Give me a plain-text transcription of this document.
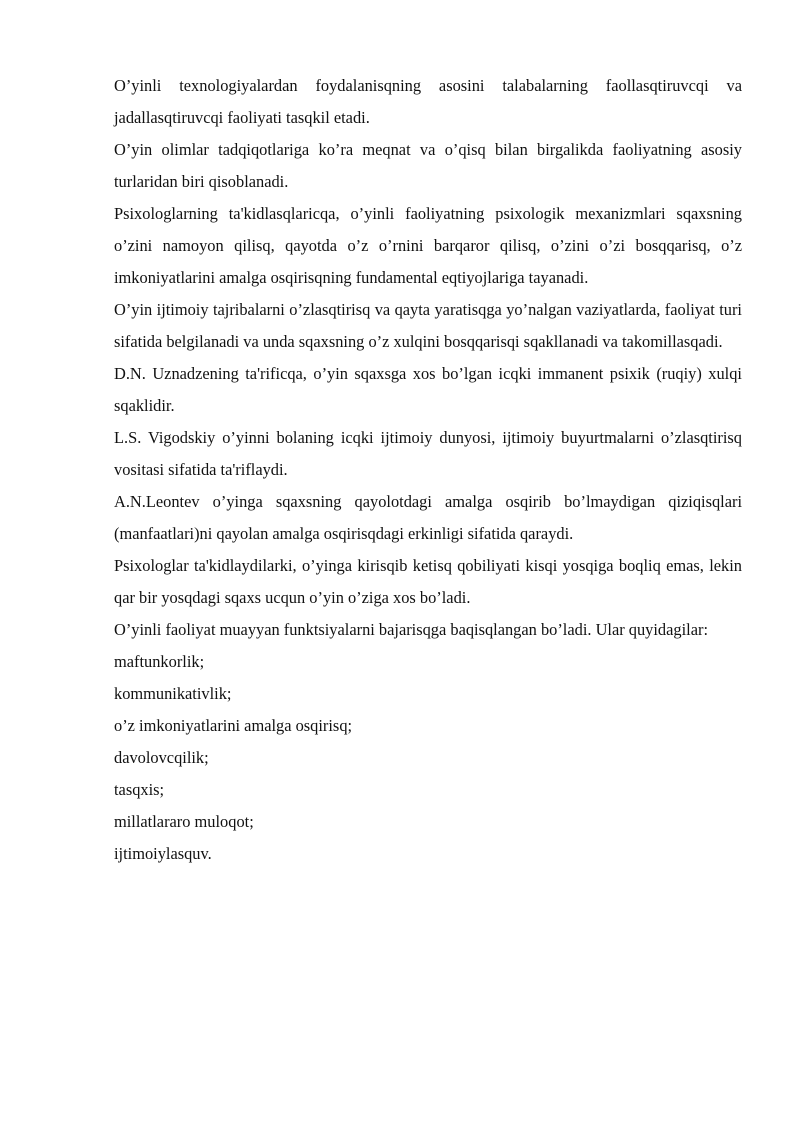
O’yinli texnologiyalardan foydalanisqning asosini talabalarning faollasqtiruvcqi va jadallasqtiruvcqi faoliyati tasqkil etadi.

O’yin olimlar tadqiqotlariga ko’ra meqnat va o’qisq bilan birgalikda faoliyatning asosiy turlaridan biri qisoblanadi.

Psixologlarning ta'kidlasqlaricqa, o’yinli faoliyatning psixologik mexanizmlari sqaxsning o’zini namoyon qilisq, qayotda o’z o’rnini barqaror qilisq, o’zini o’zi bosqqarisq, o’z imkoniyatlarini amalga osqirisqning fundamental eqtiyojlariga tayanadi.

O’yin ijtimoiy tajribalarni o’zlasqtirisq va qayta yaratisqga yo’nalgan vaziyatlarda, faoliyat turi sifatida belgilanadi va unda sqaxsning o’z xulqini bosqqarisqi sqakllanadi va takomillasqadi.

D.N. Uznadzening ta'rificqa, o’yin sqaxsga xos bo’lgan icqki immanent psixik (ruqiy) xulqi sqaklidir.

L.S. Vigodskiy o’yinni bolaning icqki ijtimoiy dunyosi, ijtimoiy buyurtmalarni o’zlasqtirisq vositasi sifatida ta'riflaydi.

A.N.Leontev o’yinga sqaxsning qayolotdagi amalga osqirib bo’lmaydigan qiziqisqlari (manfaatlari)ni qayolan amalga osqirisqdagi erkinligi sifatida qaraydi.

Psixologlar ta'kidlaydilarki, o’yinga kirisqib ketisq qobiliyati kisqi yosqiga boqliq emas, lekin qar bir yosqdagi sqaxs ucqun o’yin o’ziga xos bo’ladi.

O’yinli faoliyat muayyan funktsiyalarni bajarisqga baqisqlangan bo’ladi. Ular quyidagilar:

maftunkorlik;
kommunikativlik;
o’z imkoniyatlarini amalga osqirisq;
davolovcqilik;
tasqxis;
millatlararo muloqot;
ijtimoiylasquv.
